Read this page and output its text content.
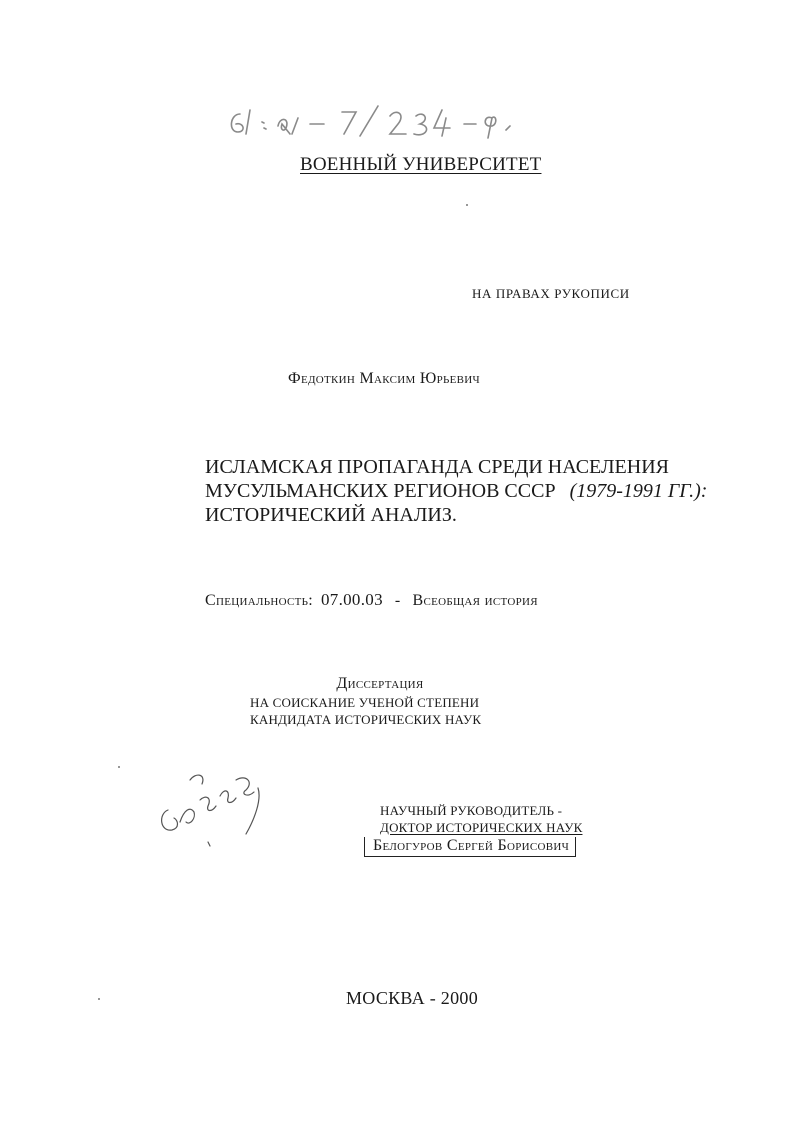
ВОЕННЫЙ УНИВЕРСИТЕТ
НА ПРАВАХ РУКОПИСИ
Федоткин Максим Юрьевич
ИСЛАМСКАЯ ПРОПАГАНДА СРЕДИ НАСЕЛЕНИЯ
МУСУЛЬМАНСКИХ РЕГИОНОВ СССР (1979-1991 ГГ.):
ИСТОРИЧЕСКИЙ АНАЛИЗ.
Специальность: 07.00.03 - Всеобщая история
Диссертация
НА СОИСКАНИЕ УЧЕНОЙ СТЕПЕНИ
КАНДИДАТА ИСТОРИЧЕСКИХ НАУК
НАУЧНЫЙ РУКОВОДИТЕЛЬ -
ДОКТОР ИСТОРИЧЕСКИХ НАУК
Белогуров Сергей Борисович
МОСКВА - 2000
